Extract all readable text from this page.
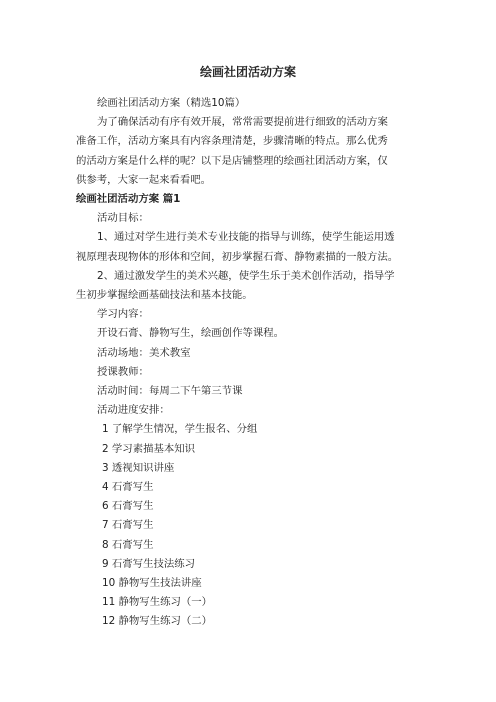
绘画社团活动方案

绘画社团活动方案（精选10篇）

为了确保活动有序有效开展，常常需要提前进行细致的活动方案

准备工作，活动方案具有内容条理清楚，步骤清晰的特点。那么优秀

的活动方案是什么样的呢？以下是店铺整理的绘画社团活动方案，仅

供参考，大家一起来看看吧。

绘画社团活动方案 篇1

活动目标：

1、通过对学生进行美术专业技能的指导与训练，使学生能运用透

视原理表现物体的形体和空间，初步掌握石膏、静物素描的一般方法。

2、通过激发学生的美术兴趣，使学生乐于美术创作活动，指导学

生初步掌握绘画基础技法和基本技能。

学习内容：

开设石膏、静物写生，绘画创作等课程。

活动场地：美术教室

授课教师：

活动时间：每周二下午第三节课

活动进度安排：

1 了解学生情况，学生报名、分组

2 学习素描基本知识

3 透视知识讲座

4 石膏写生

6 石膏写生

7 石膏写生

8 石膏写生

9 石膏写生技法练习

10 静物写生技法讲座

11 静物写生练习（一）

12 静物写生练习（二）
